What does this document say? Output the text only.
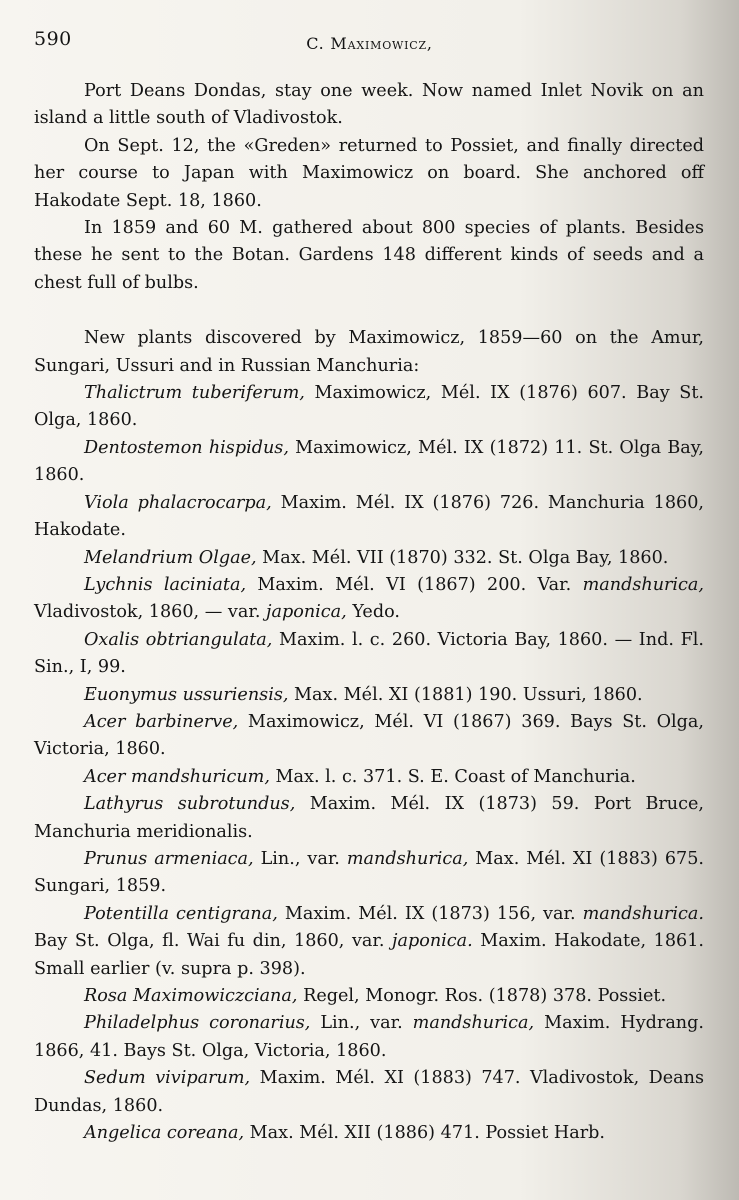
590	C. Maximowicz,

Port Deans Dondas, stay one week. Now named Inlet Novik on an island a little south of Vladivostok.

On Sept. 12, the «Greden» returned to Possiet, and finally directed her course to Japan with Maximowicz on board. She anchored off Hakodate Sept. 18, 1860.

In 1859 and 60 M. gathered about 800 species of plants. Besides these he sent to the Botan. Gardens 148 different kinds of seeds and a chest full of bulbs.

New plants discovered by Maximowicz, 1859—60 on the Amur, Sungari, Ussuri and in Russian Manchuria:

Thalictrum tuberiferum, Maximowicz, Mél. IX (1876) 607. Bay St. Olga, 1860.

Dentostemon hispidus, Maximowicz, Mél. IX (1872) 11. St. Olga Bay, 1860.

Viola phalacrocarpa, Maxim. Mél. IX (1876) 726. Manchuria 1860, Hakodate.

Melandrium Olgae, Max. Mél. VII (1870) 332. St. Olga Bay, 1860.

Lychnis laciniata, Maxim. Mél. VI (1867) 200. Var. mandshurica, Vladivostok, 1860, — var. japonica, Yedo.

Oxalis obtriangulata, Maxim. l. c. 260. Victoria Bay, 1860. — Ind. Fl. Sin., I, 99.

Euonymus ussuriensis, Max. Mél. XI (1881) 190. Ussuri, 1860.

Acer barbinerve, Maximowicz, Mél. VI (1867) 369. Bays St. Olga, Victoria, 1860.

Acer mandshuricum, Max. l. c. 371. S. E. Coast of Manchuria.

Lathyrus subrotundus, Maxim. Mél. IX (1873) 59. Port Bruce, Manchuria meridionalis.

Prunus armeniaca, Lin., var. mandshurica, Max. Mél. XI (1883) 675. Sungari, 1859.

Potentilla centigrana, Maxim. Mél. IX (1873) 156, var. mandshurica. Bay St. Olga, fl. Wai fu din, 1860, var. japonica. Maxim. Hakodate, 1861. Small earlier (v. supra p. 398).

Rosa Maximowiczciana, Regel, Monogr. Ros. (1878) 378. Possiet.

Philadelphus coronarius, Lin., var. mandshurica, Maxim. Hydrang. 1866, 41. Bays St. Olga, Victoria, 1860.

Sedum viviparum, Maxim. Mél. XI (1883) 747. Vladivostok, Deans Dundas, 1860.

Angelica coreana, Max. Mél. XII (1886) 471. Possiet Harb.
